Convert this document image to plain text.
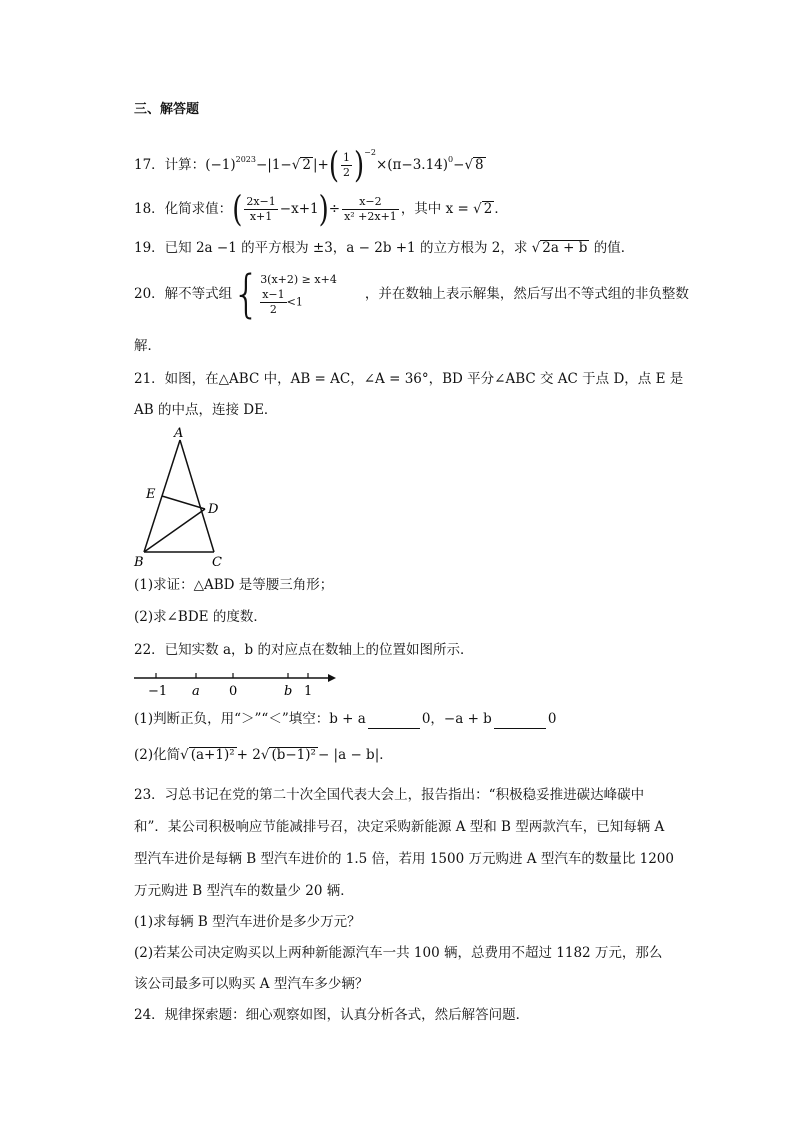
三、解答题
17．计算：$(-1)^{2023}-|1-√$ 2 |+( $\frac{1}{2} )^{-2}\times(\pi-3.14)^0-√$ 8
18．化简求值：( $\frac{2x-1}{x+1} -x+1)\div \frac{x-2}{\text{x² +2x+1}}$ ，其中 x = √ 2 ．
19．已知 2a −1 的平方根为 ±3，a − 2b +1 的立方根为 2，求 √ 2a + b 的值．
20．解不等式组{ 3(x+2) ≥ x+4
$\frac{x-1}{2} <1$	，并在数轴上表示解集，然后写出不等式组的非负整数
解．
21．如图，在△ABC 中，AB = AC，∠A = 36°，BD 平分∠ABC 交 AC 于点 D，点 E 是
AB 的中点，连接 DE．
A
E
D
B	C
(1)求证：△ABD 是等腰三角形；
(2)求∠BDE 的度数．
22．已知实数 a，b 的对应点在数轴上的位置如图所示．
−1 a 0	b 1
(1)判断正负，用“＞”“＜”填空：b + a	0，−a + b	0
(2)化简√ (a+1)² + 2√ (b−1)² − |a − b|．
23．习总书记在党的第二十次全国代表大会上，报告指出：“积极稳妥推进碳达峰碳中
和”．某公司积极响应节能减排号召，决定采购新能源 A 型和 B 型两款汽车，已知每辆 A
型汽车进价是每辆 B 型汽车进价的 1.5 倍，若用 1500 万元购进 A 型汽车的数量比 1200
万元购进 B 型汽车的数量少 20 辆．
(1)求每辆 B 型汽车进价是多少万元？
(2)若某公司决定购买以上两种新能源汽车一共 100 辆，总费用不超过 1182 万元，那么
该公司最多可以购买 A 型汽车多少辆？
24．规律探索题：细心观察如图，认真分析各式，然后解答问题．
